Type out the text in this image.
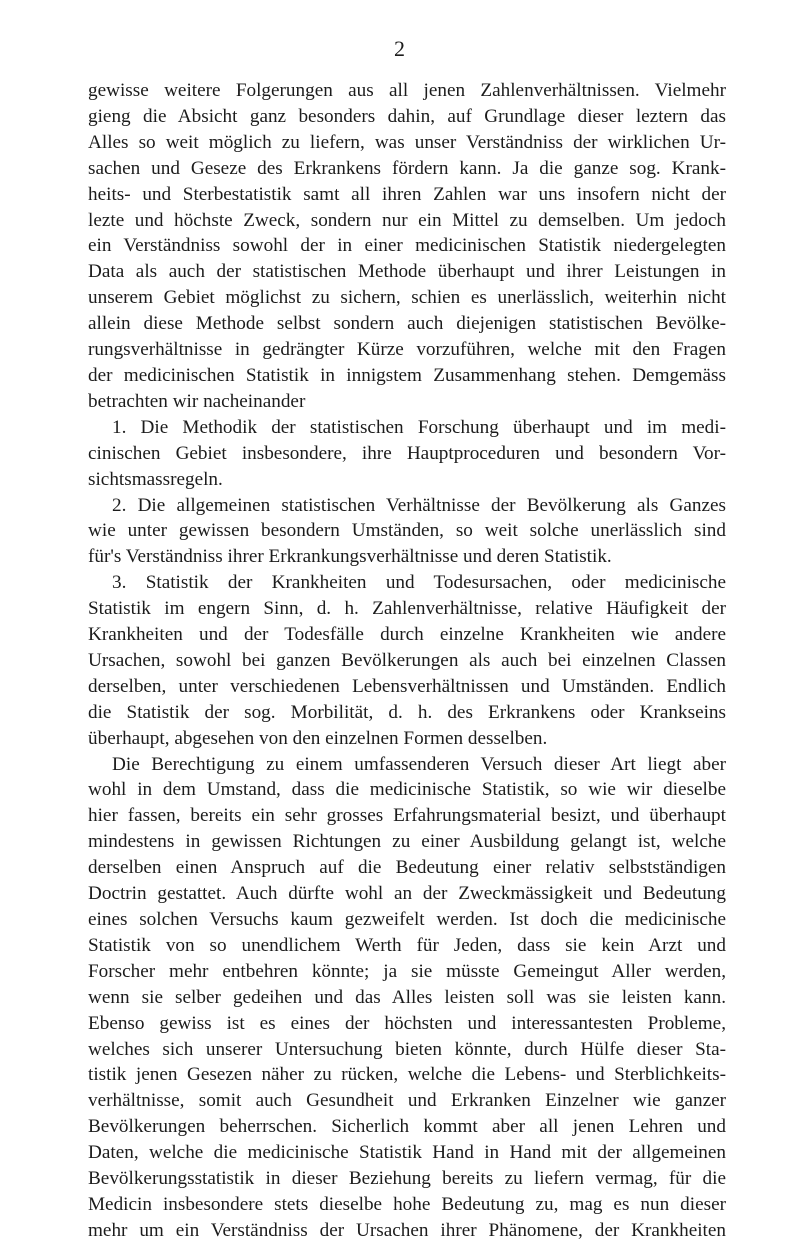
2

gewisse weitere Folgerungen aus all jenen Zahlenverhältnissen. Vielmehr
gieng die Absicht ganz besonders dahin, auf Grundlage dieser leztern das
Alles so weit möglich zu liefern, was unser Verständniss der wirklichen Ur-
sachen und Geseze des Erkrankens fördern kann. Ja die ganze sog. Krank-
heits- und Sterbestatistik samt all ihren Zahlen war uns insofern nicht der
lezte und höchste Zweck, sondern nur ein Mittel zu demselben. Um jedoch
ein Verständniss sowohl der in einer medicinischen Statistik niedergelegten
Data als auch der statistischen Methode überhaupt und ihrer Leistungen in
unserem Gebiet möglichst zu sichern, schien es unerlässlich, weiterhin nicht
allein diese Methode selbst sondern auch diejenigen statistischen Bevölke-
rungsverhältnisse in gedrängter Kürze vorzuführen, welche mit den Fragen
der medicinischen Statistik in innigstem Zusammenhang stehen. Demgemäss
betrachten wir nacheinander

1. Die Methodik der statistischen Forschung überhaupt und im medi-
cinischen Gebiet insbesondere, ihre Hauptproceduren und besondern Vor-
sichtsmassregeln.

2. Die allgemeinen statistischen Verhältnisse der Bevölkerung als Ganzes
wie unter gewissen besondern Umständen, so weit solche unerlässlich sind
für's Verständniss ihrer Erkrankungsverhältnisse und deren Statistik.

3. Statistik der Krankheiten und Todesursachen, oder medicinische
Statistik im engern Sinn, d. h. Zahlenverhältnisse, relative Häufigkeit der
Krankheiten und der Todesfälle durch einzelne Krankheiten wie andere
Ursachen, sowohl bei ganzen Bevölkerungen als auch bei einzelnen Classen
derselben, unter verschiedenen Lebensverhältnissen und Umständen. Endlich
die Statistik der sog. Morbilität, d. h. des Erkrankens oder Krankseins
überhaupt, abgesehen von den einzelnen Formen desselben.

Die Berechtigung zu einem umfassenderen Versuch dieser Art liegt aber
wohl in dem Umstand, dass die medicinische Statistik, so wie wir dieselbe
hier fassen, bereits ein sehr grosses Erfahrungsmaterial besizt, und überhaupt
mindestens in gewissen Richtungen zu einer Ausbildung gelangt ist, welche
derselben einen Anspruch auf die Bedeutung einer relativ selbstständigen
Doctrin gestattet. Auch dürfte wohl an der Zweckmässigkeit und Bedeutung
eines solchen Versuchs kaum gezweifelt werden. Ist doch die medicinische
Statistik von so unendlichem Werth für Jeden, dass sie kein Arzt und
Forscher mehr entbehren könnte; ja sie müsste Gemeingut Aller werden,
wenn sie selber gedeihen und das Alles leisten soll was sie leisten kann.
Ebenso gewiss ist es eines der höchsten und interessantesten Probleme,
welches sich unserer Untersuchung bieten könnte, durch Hülfe dieser Sta-
tistik jenen Gesezen näher zu rücken, welche die Lebens- und Sterblichkeits-
verhältnisse, somit auch Gesundheit und Erkranken Einzelner wie ganzer
Bevölkerungen beherrschen. Sicherlich kommt aber all jenen Lehren und
Daten, welche die medicinische Statistik Hand in Hand mit der allgemeinen
Bevölkerungsstatistik in dieser Beziehung bereits zu liefern vermag, für die
Medicin insbesondere stets dieselbe hohe Bedeutung zu, mag es nun dieser
mehr um ein Verständniss der Ursachen ihrer Phänomene, der Krankheiten
